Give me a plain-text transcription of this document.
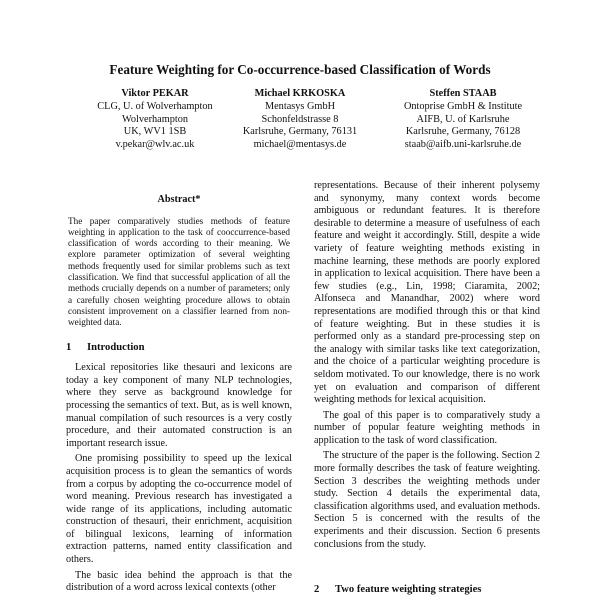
Feature Weighting for Co-occurrence-based Classification of Words
Viktor PEKAR
CLG, U. of Wolverhampton
Wolverhampton
UK, WV1 1SB
v.pekar@wlv.ac.uk
Michael KRKOSKA
Mentasys GmbH
Schonfeldstrasse 8
Karlsruhe, Germany, 76131
michael@mentasys.de
Steffen STAAB
Ontoprise GmbH & Institute
AIFB, U. of Karlsruhe
Karlsruhe, Germany, 76128
staab@aifb.uni-karlsruhe.de
Abstract*
The paper comparatively studies methods of feature weighting in application to the task of cooccurrence-based classification of words according to their meaning. We explore parameter optimization of several weighting methods frequently used for similar problems such as text classification. We find that successful application of all the methods crucially depends on a number of parameters; only a carefully chosen weighting procedure allows to obtain consistent improvement on a classifier learned from non-weighted data.
1 Introduction

Lexical repositories like thesauri and lexicons are today a key component of many NLP technologies, where they serve as background knowledge for processing the semantics of text. But, as is well known, manual compilation of such resources is a very costly procedure, and their automated construction is an important research issue.

One promising possibility to speed up the lexical acquisition process is to glean the semantics of words from a corpus by adopting the co-occurrence model of word meaning. Previous research has investigated a wide range of its applications, including automatic construction of thesauri, their enrichment, acquisition of bilingual lexicons, learning of information extraction patterns, named entity classification and others.

The basic idea behind the approach is that the distribution of a word across lexical contexts (other

representations. Because of their inherent polysemy and synonymy, many context words become ambiguous or redundant features. It is therefore desirable to determine a measure of usefulness of each feature and weight it accordingly. Still, despite a wide variety of feature weighting methods existing in machine learning, these methods are poorly explored in application to lexical acquisition. There have been a few studies (e.g., Lin, 1998; Ciaramita, 2002; Alfonseca and Manandhar, 2002) where word representations are modified through this or that kind of feature weighting. But in these studies it is performed only as a standard pre-processing step on the analogy with similar tasks like text categorization, and the choice of a particular weighting procedure is seldom motivated. To our knowledge, there is no work yet on evaluation and comparison of different weighting methods for lexical acquisition.

The goal of this paper is to comparatively study a number of popular feature weighting methods in application to the task of word classification.

The structure of the paper is the following. Section 2 more formally describes the task of feature weighting. Section 3 describes the weighting methods under study. Section 4 details the experimental data, classification algorithms used, and evaluation methods. Section 5 is concerned with the results of the experiments and their discussion. Section 6 presents conclusions from the study.

2 Two feature weighting strategies
